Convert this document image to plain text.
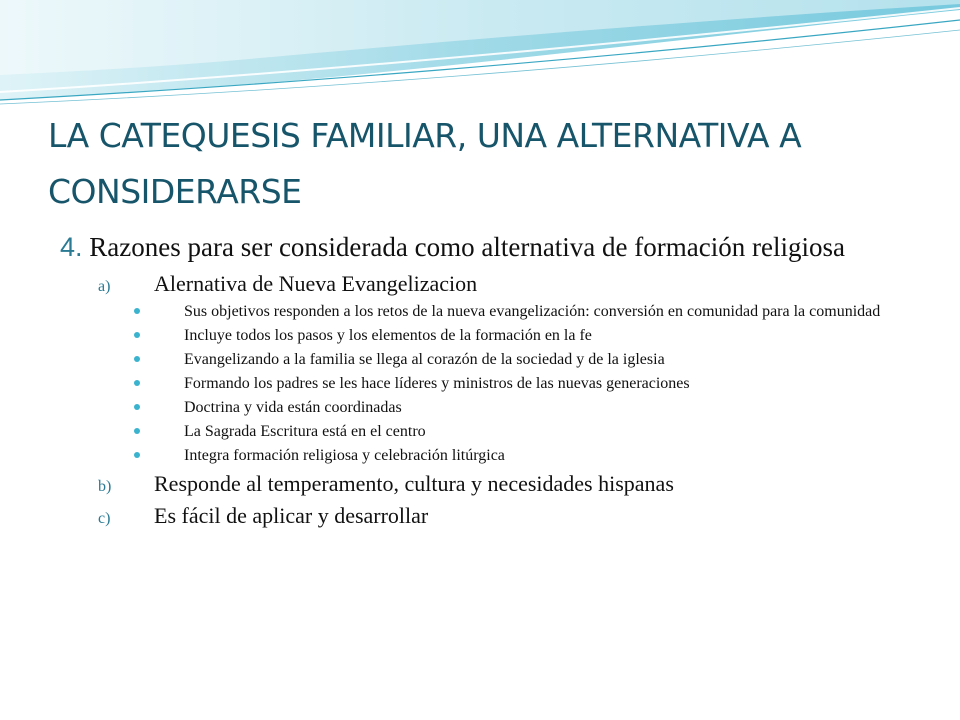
LA CATEQUESIS FAMILIAR, UNA ALTERNATIVA A CONSIDERARSE
4. Razones para ser considerada como alternativa de formación religiosa
a)	Alernativa de Nueva Evangelizacion
Sus objetivos responden a los retos de la nueva evangelización: conversión en comunidad para la comunidad
Incluye todos los pasos y los elementos de la formación en la fe
Evangelizando a la familia se llega al corazón de la sociedad y de la iglesia
Formando los padres se les hace líderes y ministros de las nuevas generaciones
Doctrina y vida están coordinadas
La Sagrada Escritura está en el centro
Integra formación religiosa y celebración litúrgica
b)	Responde al temperamento, cultura y necesidades hispanas
c)	Es fácil de aplicar y desarrollar
